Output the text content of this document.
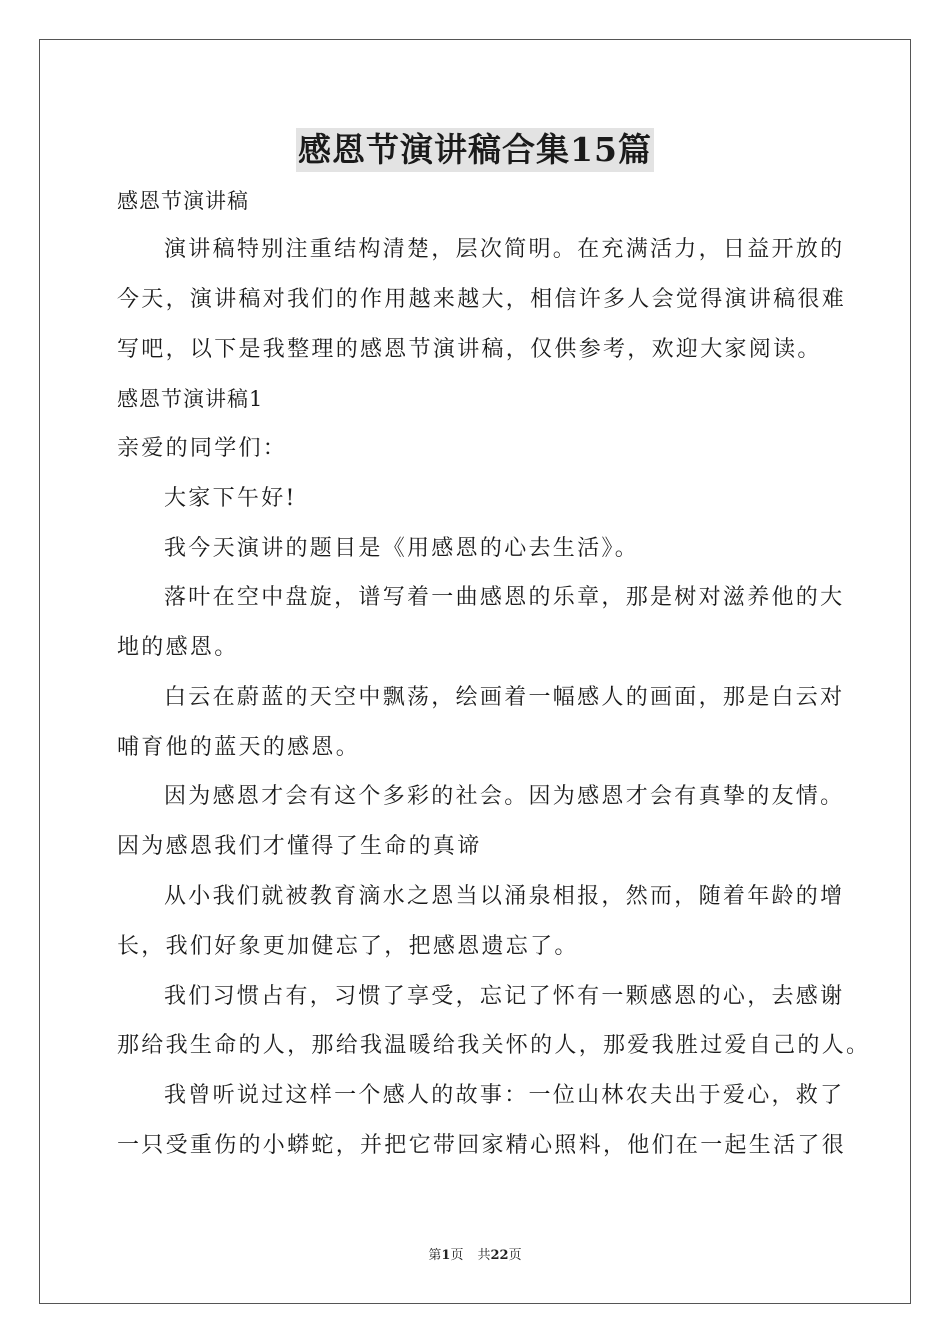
感恩节演讲稿合集15篇
感恩节演讲稿
演讲稿特别注重结构清楚，层次简明。在充满活力，日益开放的
今天，演讲稿对我们的作用越来越大，相信许多人会觉得演讲稿很难
写吧，以下是我整理的感恩节演讲稿，仅供参考，欢迎大家阅读。
感恩节演讲稿1
亲爱的同学们：
大家下午好!
我今天演讲的题目是《用感恩的心去生活》。
落叶在空中盘旋，谱写着一曲感恩的乐章，那是树对滋养他的大
地的感恩。
白云在蔚蓝的天空中飘荡，绘画着一幅感人的画面，那是白云对
哺育他的蓝天的感恩。
因为感恩才会有这个多彩的社会。因为感恩才会有真挚的友情。
因为感恩我们才懂得了生命的真谛
从小我们就被教育滴水之恩当以涌泉相报，然而，随着年龄的增
长，我们好象更加健忘了，把感恩遗忘了。
我们习惯占有，习惯了享受，忘记了怀有一颗感恩的心，去感谢
那给我生命的人，那给我温暖给我关怀的人，那爱我胜过爱自己的人。
我曾听说过这样一个感人的故事：一位山林农夫出于爱心，救了
一只受重伤的小蟒蛇，并把它带回家精心照料，他们在一起生活了很
第1页 共22页
